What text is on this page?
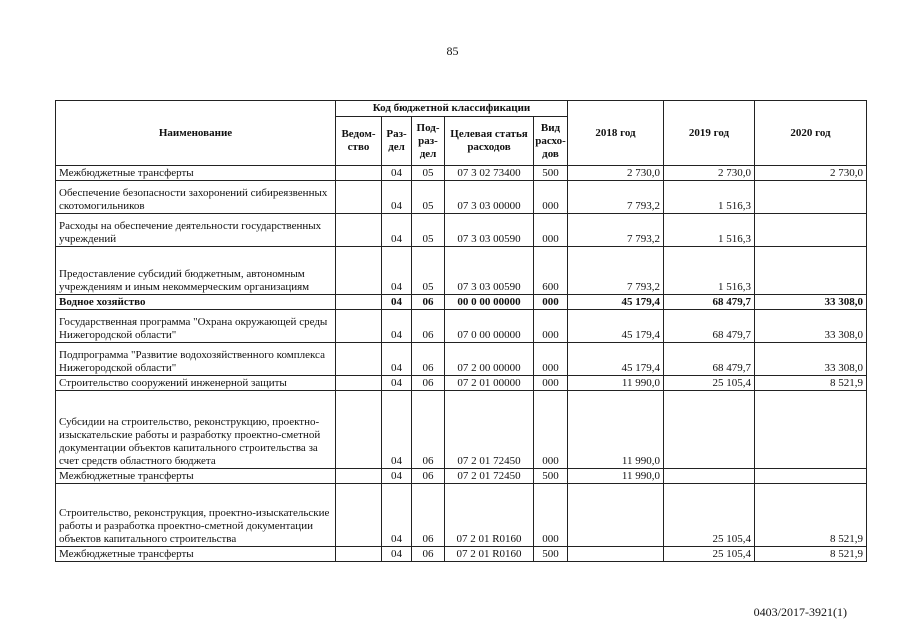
85
Наименование	Код бюджетной классификации					2018 год	2019 год	2020 год
	Ведом-ство	Раз-дел	Под-раз-дел	Целевая статья расходов	Вид расхо-дов			
Межбюджетные трансферты		04	05	07 3 02 73400	500	2 730,0	2 730,0	2 730,0
Обеспечение безопасности захоронений сибиреязвенных скотомогильников		04	05	07 3 03 00000	000	7 793,2	1 516,3	
Расходы на обеспечение деятельности государственных учреждений		04	05	07 3 03 00590	000	7 793,2	1 516,3	
Предоставление субсидий бюджетным, автономным учреждениям и иным некоммерческим организациям		04	05	07 3 03 00590	600	7 793,2	1 516,3	
Водное хозяйство		04	06	00 0 00 00000	000	45 179,4	68 479,7	33 308,0
Государственная программа "Охрана окружающей среды Нижегородской области"		04	06	07 0 00 00000	000	45 179,4	68 479,7	33 308,0
Подпрограмма "Развитие водохозяйственного комплекса Нижегородской области"		04	06	07 2 00 00000	000	45 179,4	68 479,7	33 308,0
Строительство сооружений инженерной защиты		04	06	07 2 01 00000	000	11 990,0	25 105,4	8 521,9
Субсидии на строительство, реконструкцию, проектно-изыскательские работы и разработку проектно-сметной документации объектов капитального строительства за счет средств областного бюджета		04	06	07 2 01 72450	000	11 990,0		
Межбюджетные трансферты		04	06	07 2 01 72450	500	11 990,0		
Строительство, реконструкция, проектно-изыскательские работы и разработка проектно-сметной документации объектов капитального строительства		04	06	07 2 01 R0160	000		25 105,4	8 521,9
Межбюджетные трансферты		04	06	07 2 01 R0160	500		25 105,4	8 521,9
0403/2017-3921(1)
